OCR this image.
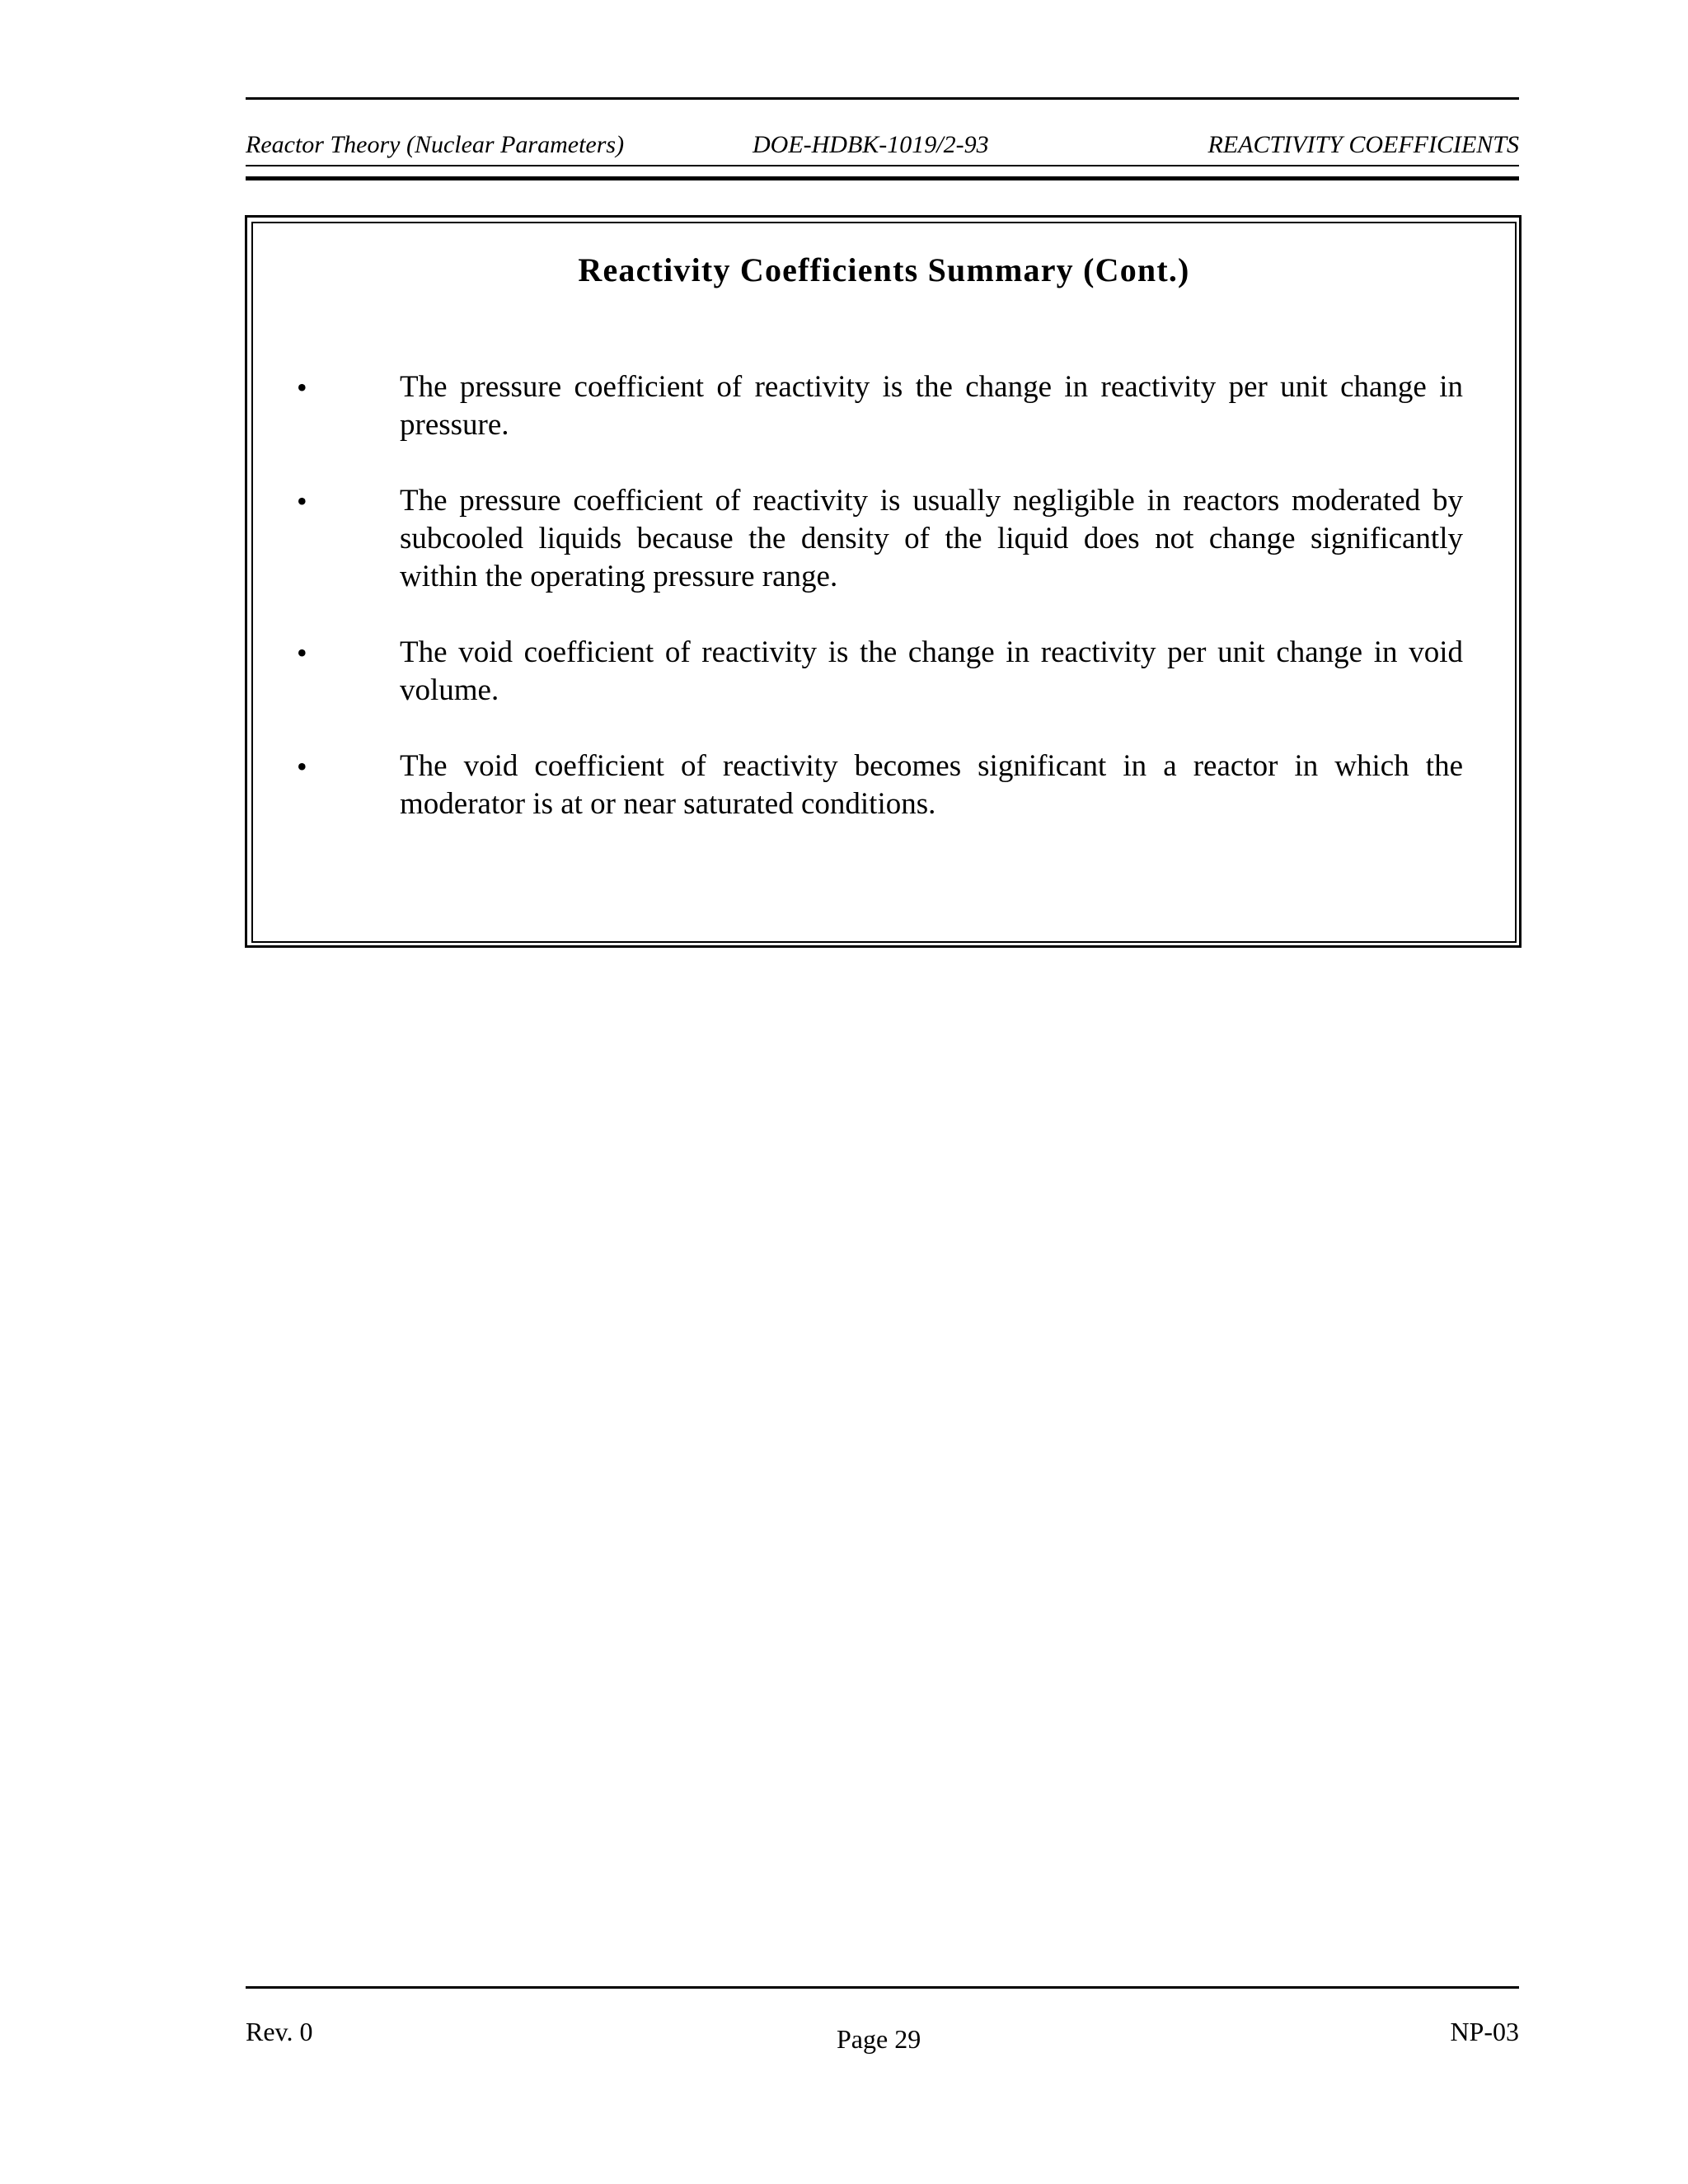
Reactor Theory (Nuclear Parameters)	DOE-HDBK-1019/2-93	REACTIVITY COEFFICIENTS
Reactivity Coefficients Summary (Cont.)
•	The pressure coefficient of reactivity is the change in reactivity per unit change in pressure.
•	The pressure coefficient of reactivity is usually negligible in reactors moderated by subcooled liquids because the density of the liquid does not change significantly within the operating pressure range.
•	The void coefficient of reactivity is the change in reactivity per unit change in void volume.
•	The void coefficient of reactivity becomes significant in a reactor in which the moderator is at or near saturated conditions.
Rev. 0	Page 29	NP-03
